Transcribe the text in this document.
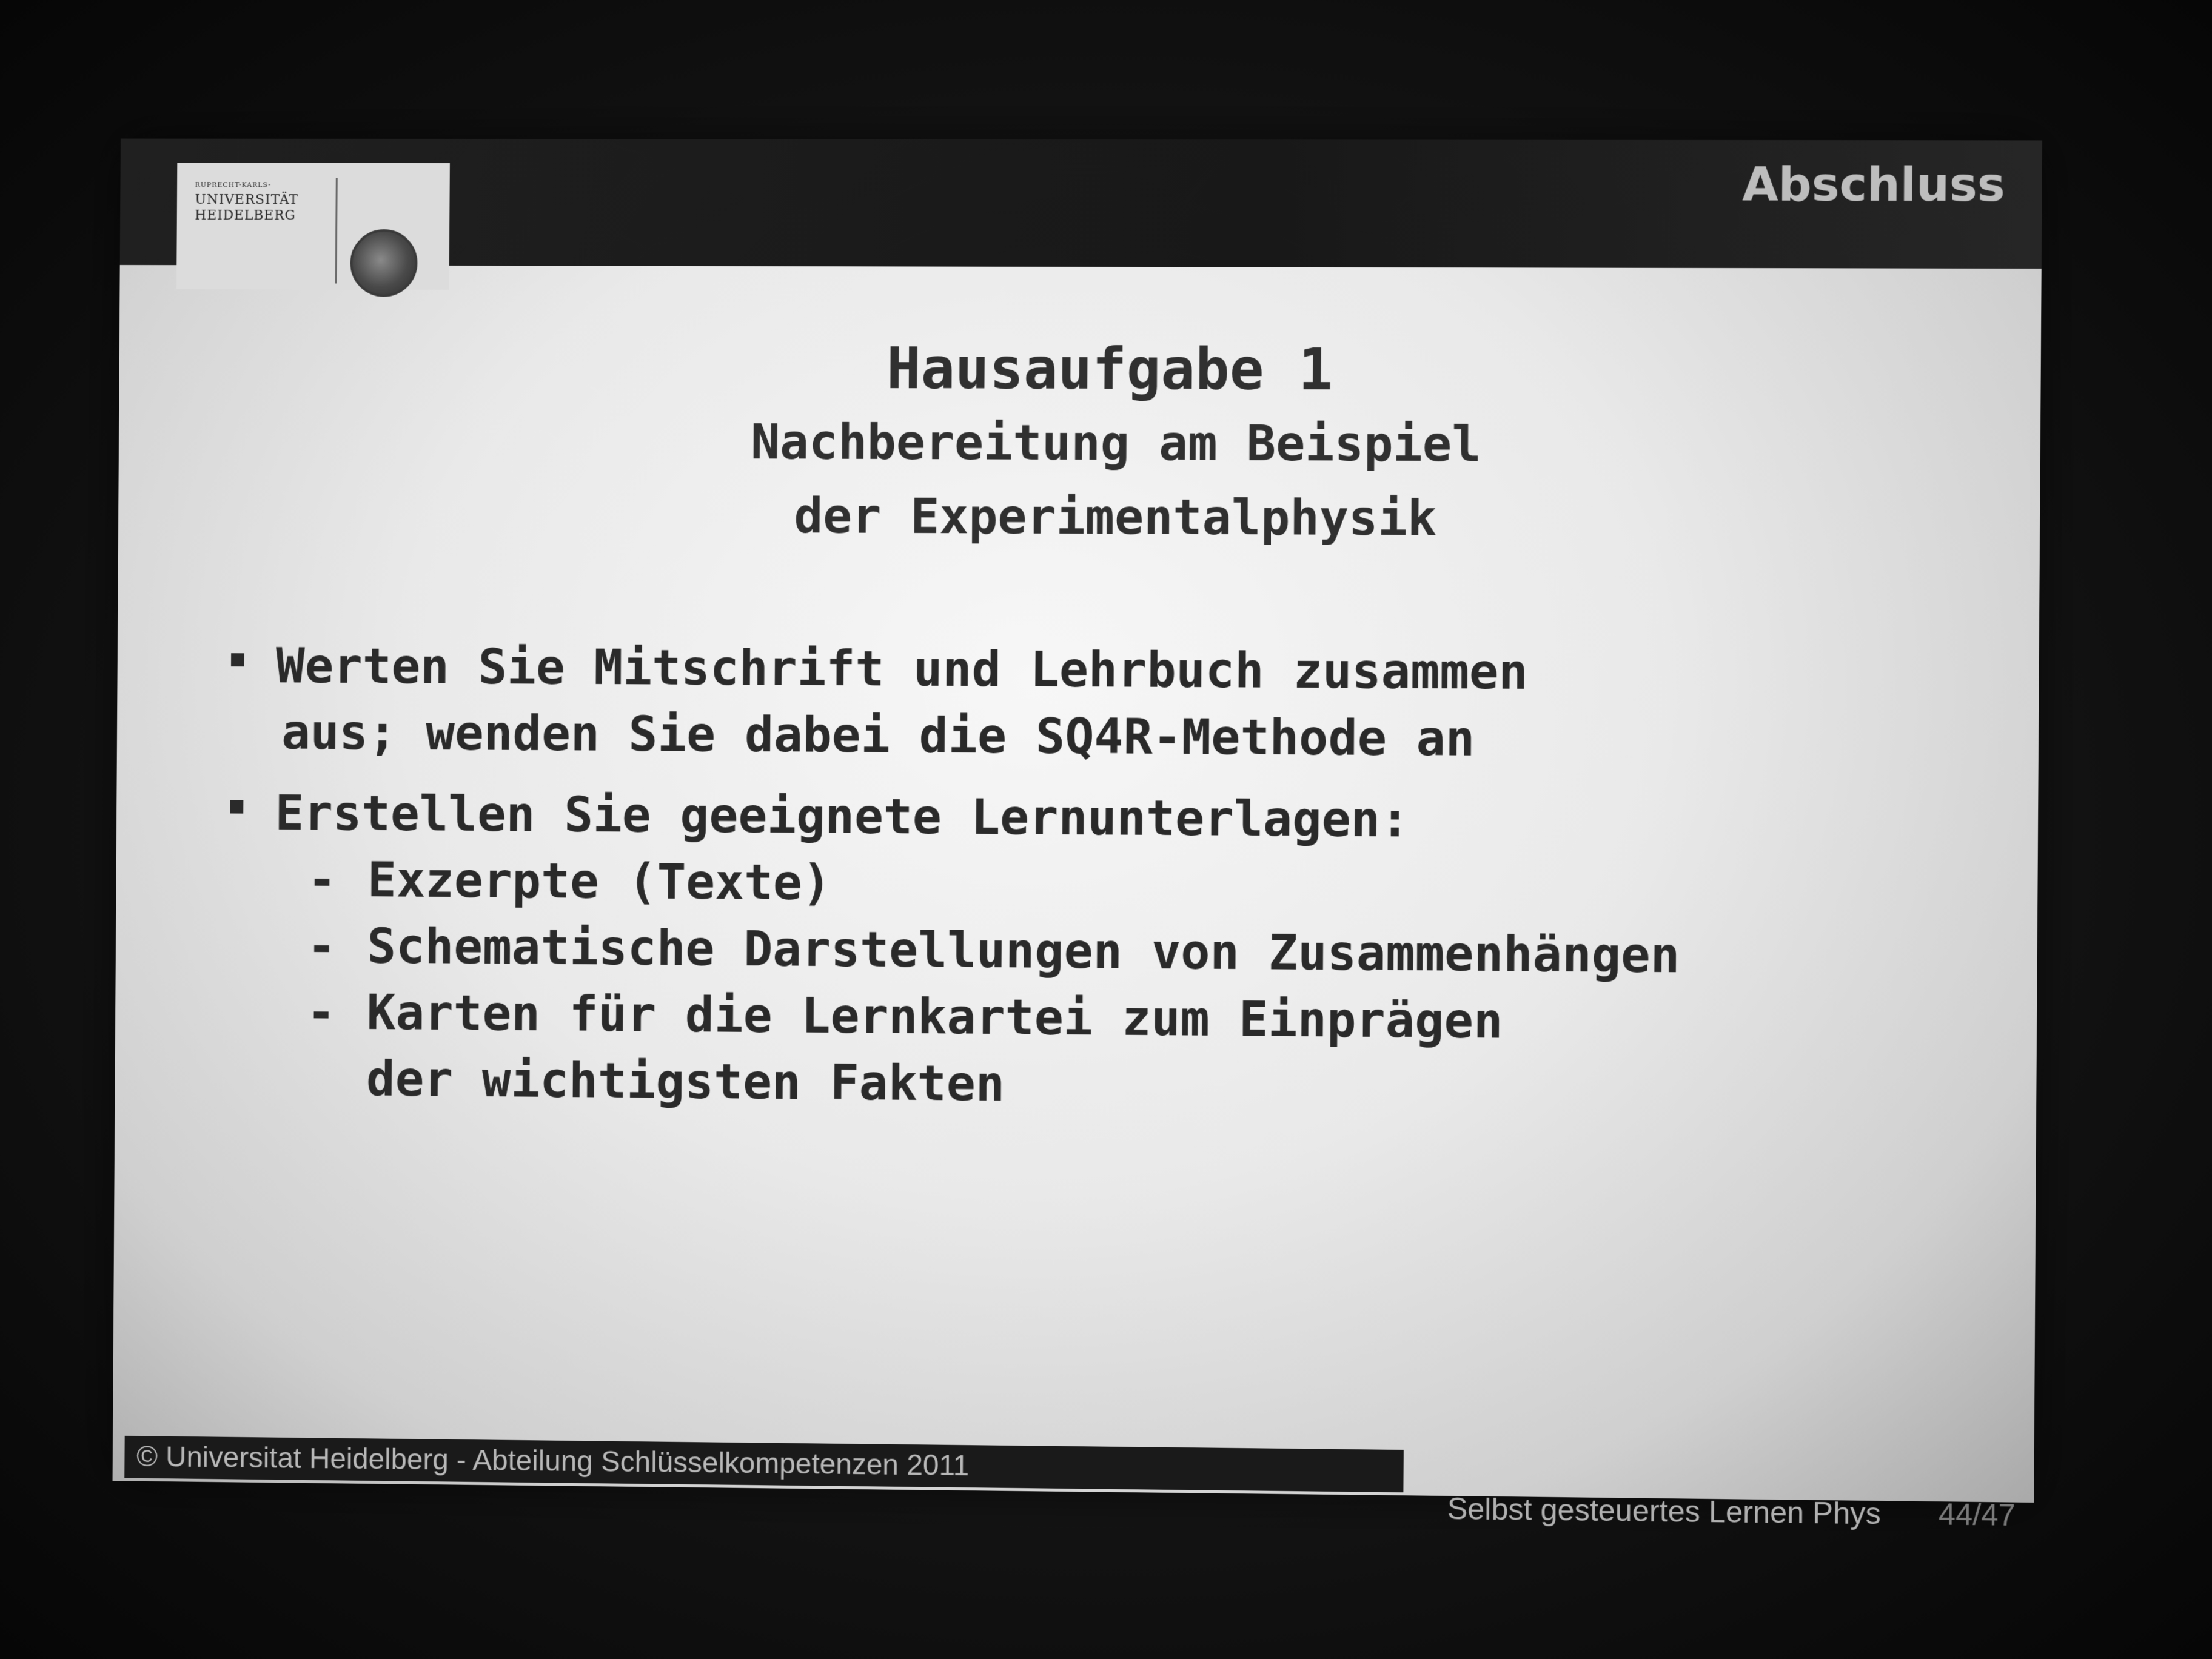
Abschluss
RUPRECHT-KARLS-
UNIVERSITÄT
HEIDELBERG
Hausaufgabe 1
Nachbereitung am Beispiel
der Experimentalphysik
Werten Sie Mitschrift und Lehrbuch zusammen
aus; wenden Sie dabei die SQ4R-Methode an
Erstellen Sie geeignete Lernunterlagen:
- Exzerpte (Texte)
- Schematische Darstellungen von Zusammenhängen
- Karten für die Lernkartei zum Einprägen
der wichtigsten Fakten
© Universitat Heidelberg - Abteilung Schlüsselkompetenzen 2011
Selbst gesteuertes Lernen Phys 44/47
